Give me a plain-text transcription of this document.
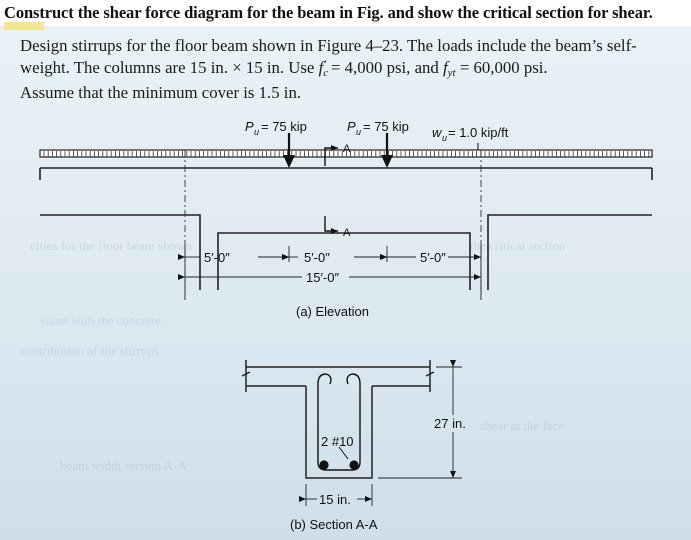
Construct the shear force diagram for the beam in Fig. and show the critical section for shear.

Design stirrups for the floor beam shown in Figure 4–23. The loads include the beam’s self-

weight. The columns are 15 in. × 15 in. Use fc′ = 4,000 psi, and fyt = 60,000 psi.

Assume that the minimum cover is 1.5 in.

cities for the floor beam shown
value with the concrete
contribution of the stirrups
beam width section A-A
the critical section
shear at the face
P u = 75 kip	P u = 75 kip w u = 1.0 kip/ft
A
A
5′-0″	5′-0″	5′-0″
15′-0″
(a) Elevation
2 #10
27 in.
15 in.
(b) Section A-A
